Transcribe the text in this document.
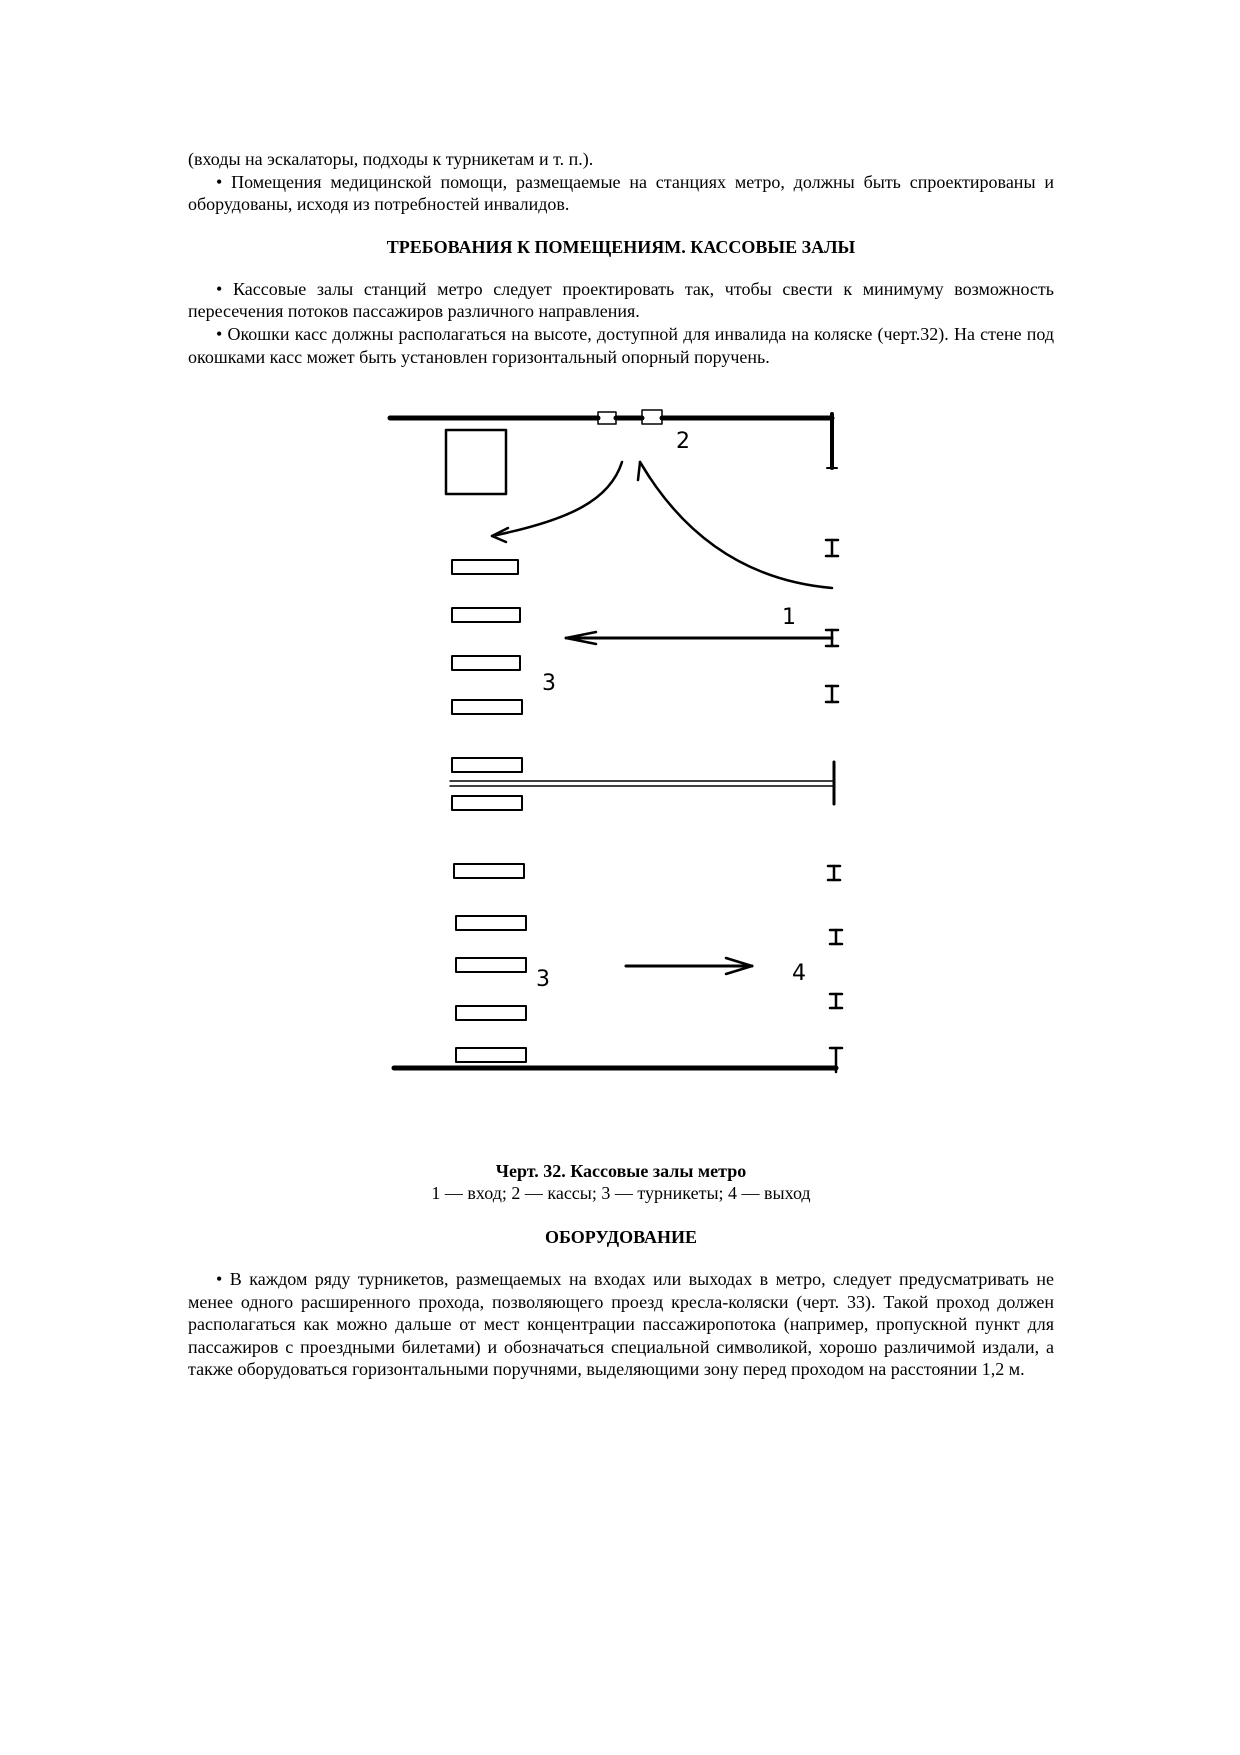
(входы на эскалаторы, подходы к турникетам и т. п.).

• Помещения медицинской помощи, размещаемые на станциях метро, должны быть спроектированы и оборудованы, исходя из потребностей инвалидов.

ТРЕБОВАНИЯ К ПОМЕЩЕНИЯМ. КАССОВЫЕ ЗАЛЫ

• Кассовые залы станций метро следует проектировать так, чтобы свести к минимуму возможность пересечения потоков пассажиров различного направления.

• Окошки касс должны располагаться на высоте, доступной для инвалида на коляске (черт.32). На стене под окошками касс может быть установлен горизонтальный опорный поручень.

1
2
3
3	4
Черт. 32. Кассовые залы метро
1 — вход; 2 — кассы; 3 — турникеты; 4 — выход

ОБОРУДОВАНИЕ

• В каждом ряду турникетов, размещаемых на входах или выходах в метро, следует предусматривать не менее одного расширенного прохода, позволяющего проезд кресла-коляски (черт. 33). Такой проход должен располагаться как можно дальше от мест концентрации пассажиропотока (например, пропускной пункт для пассажиров с проездными билетами) и обозначаться специальной символикой, хорошо различимой издали, а также оборудоваться горизонтальными поручнями, выделяющими зону перед проходом на расстоянии 1,2 м.
